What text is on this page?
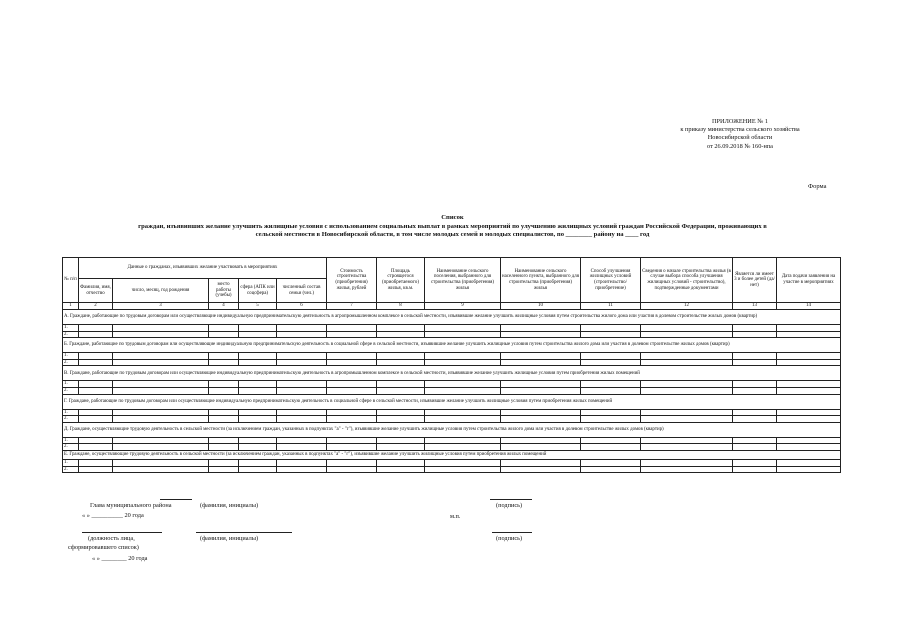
ПРИЛОЖЕНИЕ № 1
к приказу министерства сельского хозяйства
Новосибирской области
от 26.09.2018 № 160-нпа
Форма
Список
граждан, изъявивших желание улучшить жилищные условия с использованием социальных выплат в рамках мероприятий по улучшению жилищных условий граждан Российской Федерации, проживающих в
сельской местности в Новосибирской области, в том числе молодых семей и молодых специалистов, по ________ району на ____ год
№ п/п	Данные о гражданах, изъявивших желание участвовать в мероприятиях					Стоимость строительства (приобретения) жилья, рублей	Площадь строящегося (приобретаемого) жилья, кв.м.	Наименование сельского поселения, выбранного для строительства (приобретения) жилья	Наименование сельского населенного пункта, выбранного для строительства (приобретения) жилья	Способ улучшения жилищных условий (строительство/приобретение)	Сведения о начале строительства жилья (в случае выбора способа улучшения жилищных условий - строительство), подтвержденные документами	Является ли имеет 3 и более детей (да/нет)	Дата подачи заявления на участие в мероприятиях
	Фамилия, имя, отчество	число, месяц, год рождения	место работы (учебы)	сфера (АПК или соцсфера)	численный состав семьи (чел.)								
1	2	3	4	5	6	7	8	9	10	11	12	13	14
А. Граждане, работающие по трудовым договорам или осуществляющие индивидуальную предпринимательскую деятельность в агропромышленном комплексе в сельской местности, изъявившие желание улучшить жилищные условия путем строительства жилого дома или участия в долевом строительстве жилых домов (квартир)													
1.													
2.													
Б. Граждане, работающие по трудовым договорам или осуществляющие индивидуальную предпринимательскую деятельность в социальной сфере в сельской местности, изъявившие желание улучшить жилищные условия путем строительства жилого дома или участия в долевом строительстве жилых домов (квартир)													
1.													
2.													
В. Граждане, работающие по трудовым договорам или осуществляющие индивидуальную предпринимательскую деятельность в агропромышленном комплексе в сельской местности, изъявившие желание улучшить жилищные условия путем приобретения жилых помещений													
1.													
2.													
Г. Граждане, работающие по трудовым договорам или осуществляющие индивидуальную предпринимательскую деятельность в социальной сфере в сельской местности, изъявившие желание улучшить жилищные условия путем приобретения жилых помещений													
1.													
2.													
Д. Граждане, осуществляющие трудовую деятельность в сельской местности (за исключением граждан, указанных в подпунктах "а" - "г"), изъявившие желание улучшить жилищные условия путем строительства жилого дома или участия в долевом строительстве жилых домов (квартир)													
1.													
2.													
Е. Граждане, осуществляющие трудовую деятельность в сельской местности (за исключением граждан, указанных в подпунктах "а" - "г"), изъявившие желание улучшить жилищные условия путем приобретения жилых помещений													
1.													
2.													
Глава муниципального района	(фамилия, инициалы)	(подпись)
« » __________ 20 года	м.п.
(должность лица,	(фамилия, инициалы)	(подпись)
сформировавшего список)
« » ________ 20 года
